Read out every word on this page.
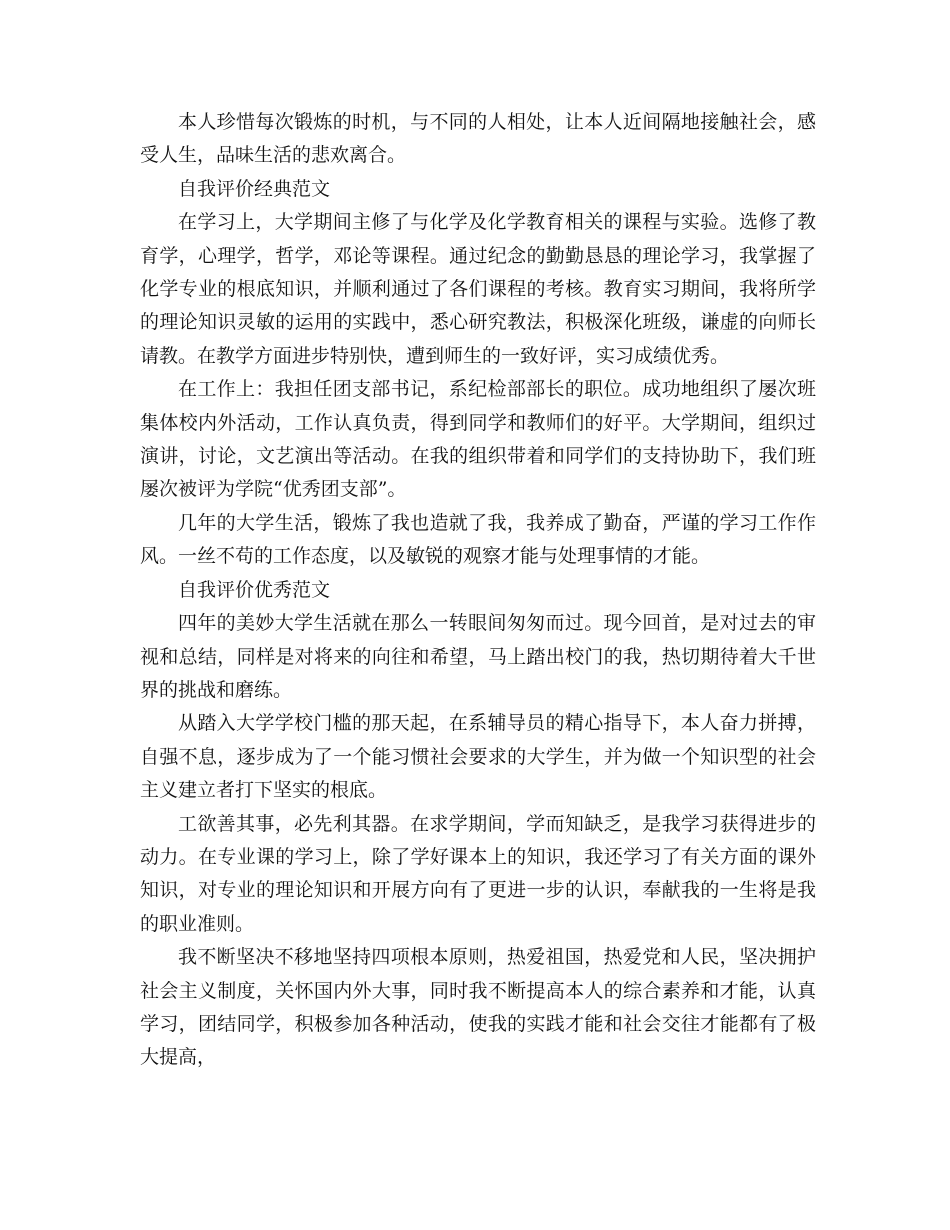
本人珍惜每次锻炼的时机，与不同的人相处，让本人近间隔地接触社会，感受人生，品味生活的悲欢离合。

自我评价经典范文

在学习上，大学期间主修了与化学及化学教育相关的课程与实验。选修了教育学，心理学，哲学，邓论等课程。通过纪念的勤勤恳恳的理论学习，我掌握了化学专业的根底知识，并顺利通过了各们课程的考核。教育实习期间，我将所学的理论知识灵敏的运用的实践中，悉心研究教法，积极深化班级，谦虚的向师长请教。在教学方面进步特别快，遭到师生的一致好评，实习成绩优秀。

在工作上：我担任团支部书记，系纪检部部长的职位。成功地组织了屡次班集体校内外活动，工作认真负责，得到同学和教师们的好平。大学期间，组织过演讲，讨论，文艺演出等活动。在我的组织带着和同学们的支持协助下，我们班屡次被评为学院“优秀团支部”。

几年的大学生活，锻炼了我也造就了我，我养成了勤奋，严谨的学习工作作风。一丝不苟的工作态度，以及敏锐的观察才能与处理事情的才能。

自我评价优秀范文

四年的美妙大学生活就在那么一转眼间匆匆而过。现今回首，是对过去的审视和总结，同样是对将来的向往和希望，马上踏出校门的我，热切期待着大千世界的挑战和磨练。

从踏入大学学校门槛的那天起，在系辅导员的精心指导下，本人奋力拼搏，自强不息，逐步成为了一个能习惯社会要求的大学生，并为做一个知识型的社会主义建立者打下坚实的根底。

工欲善其事，必先利其器。在求学期间，学而知缺乏，是我学习获得进步的动力。在专业课的学习上，除了学好课本上的知识，我还学习了有关方面的课外知识，对专业的理论知识和开展方向有了更进一步的认识，奉献我的一生将是我的职业准则。

我不断坚决不移地坚持四项根本原则，热爱祖国，热爱党和人民，坚决拥护社会主义制度，关怀国内外大事，同时我不断提高本人的综合素养和才能，认真学习，团结同学，积极参加各种活动，使我的实践才能和社会交往才能都有了极大提高，
